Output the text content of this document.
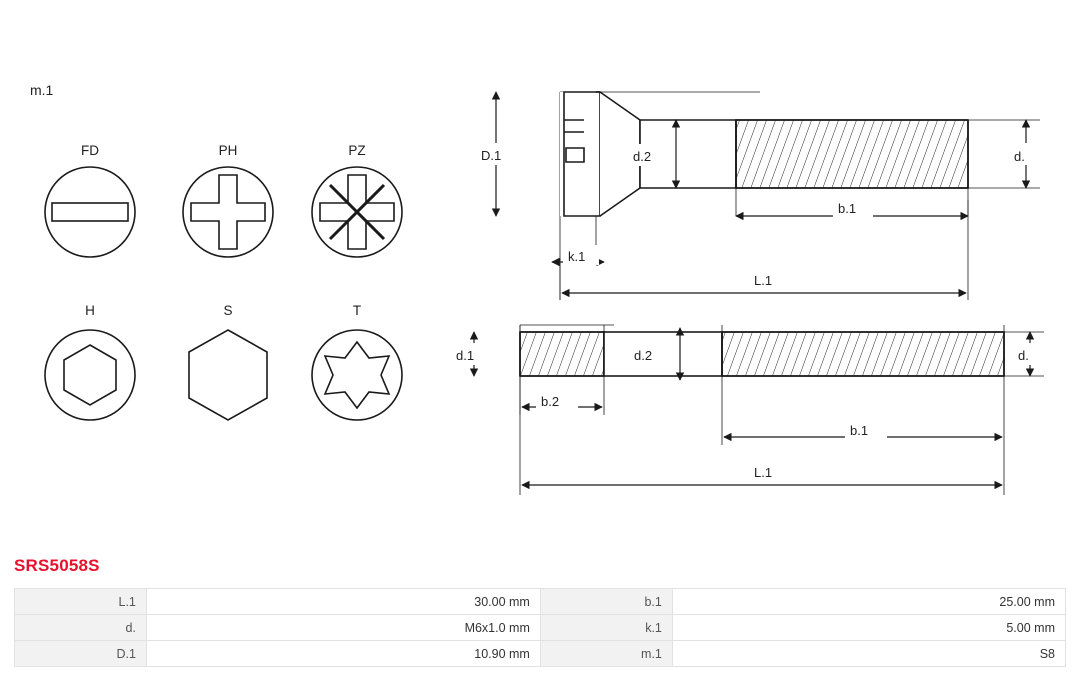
m.1
FD	PH	PZ
H	S	T
D.1	d.2	d.
b.1
k.1
L.1
d.1	d.2	d.
b.2
b.1
L.1
SRS5058S
L.1	30.00 mm	b.1	25.00 mm
d.	M6x1.0 mm	k.1	5.00 mm
D.1	10.90 mm	m.1	S8
